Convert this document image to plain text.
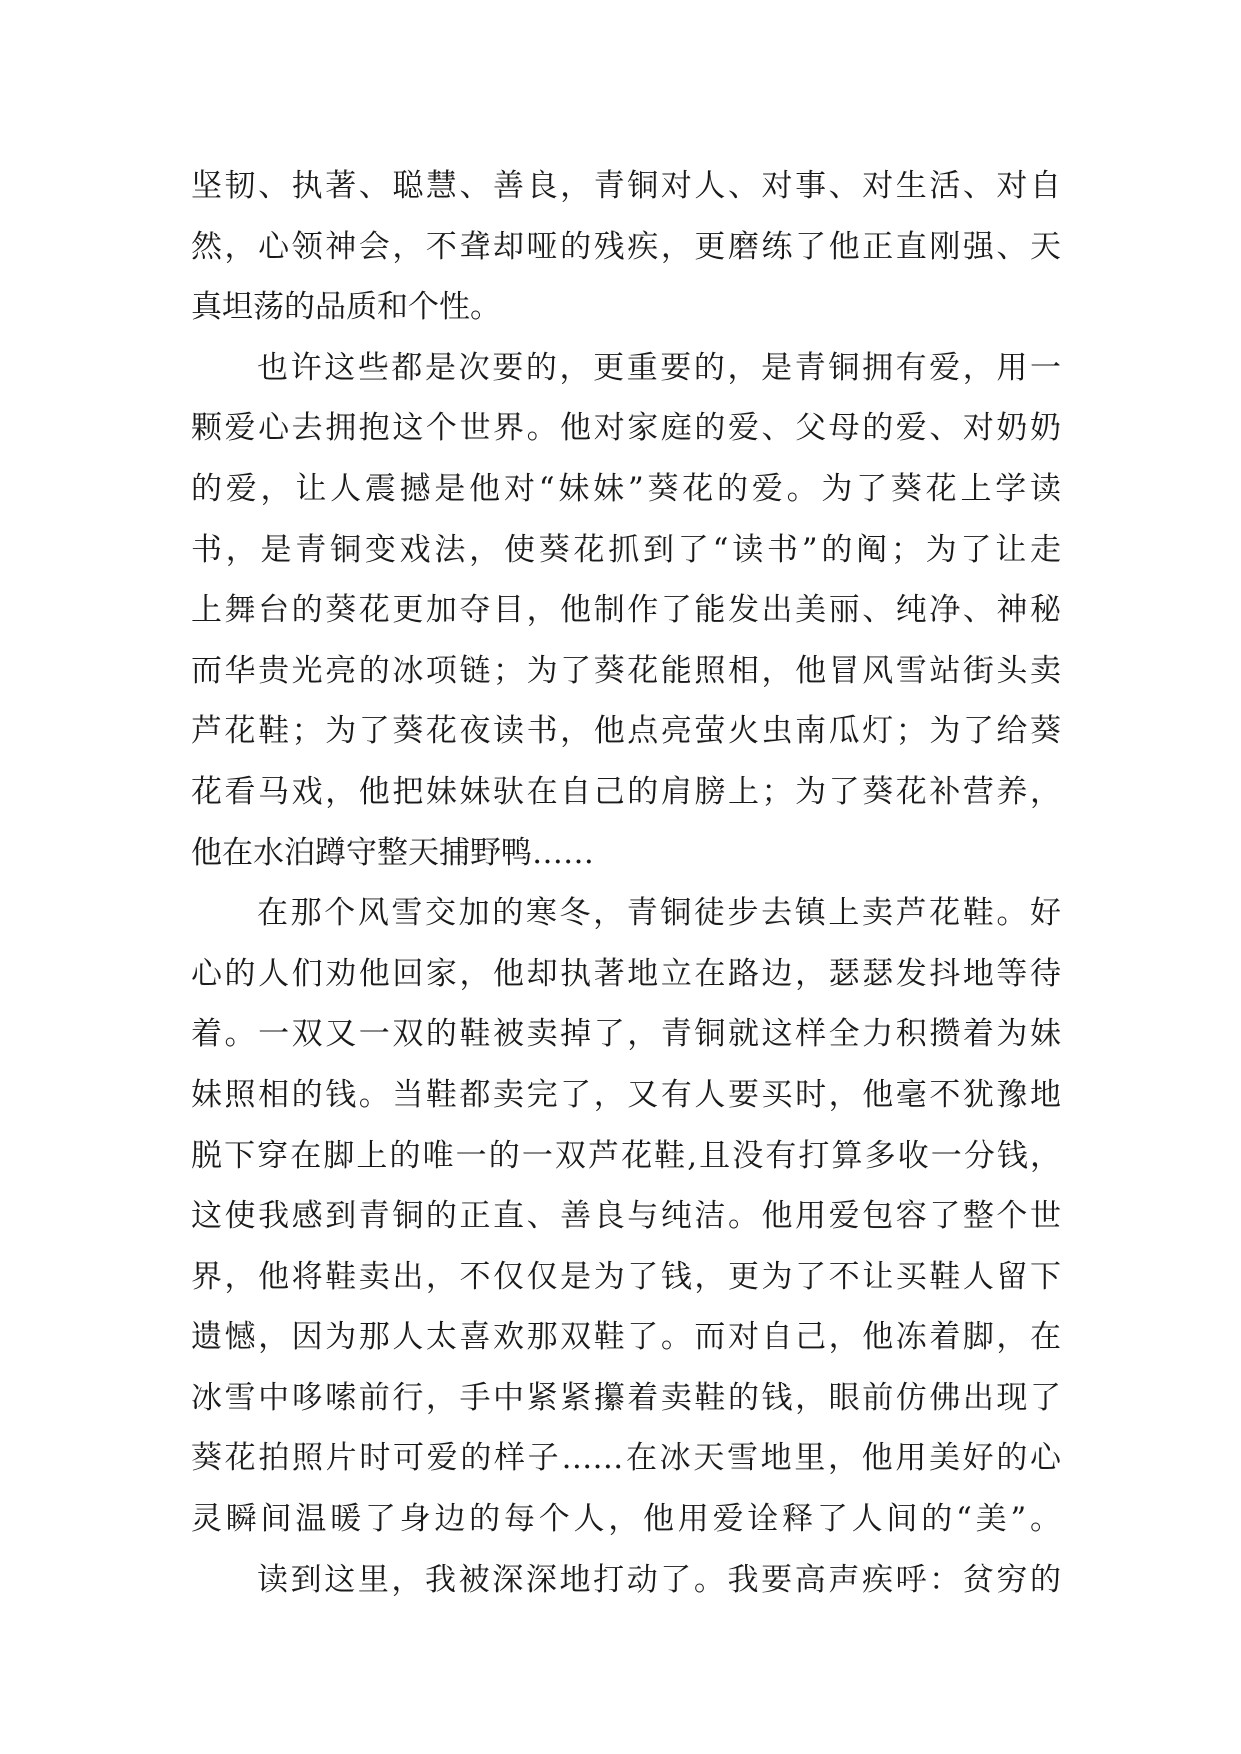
坚韧、执著、聪慧、善良，青铜对人、对事、对生活、对自
然，心领神会，不聋却哑的残疾，更磨练了他正直刚强、天
真坦荡的品质和个性。
也许这些都是次要的，更重要的，是青铜拥有爱，用一
颗爱心去拥抱这个世界。他对家庭的爱、父母的爱、对奶奶
的爱，让人震撼是他对“妹妹”葵花的爱。为了葵花上学读
书，是青铜变戏法，使葵花抓到了“读书”的阄；为了让走
上舞台的葵花更加夺目，他制作了能发出美丽、纯净、神秘
而华贵光亮的冰项链；为了葵花能照相，他冒风雪站街头卖
芦花鞋；为了葵花夜读书，他点亮萤火虫南瓜灯；为了给葵
花看马戏，他把妹妹驮在自己的肩膀上；为了葵花补营养，
他在水泊蹲守整天捕野鸭……
在那个风雪交加的寒冬，青铜徒步去镇上卖芦花鞋。好
心的人们劝他回家，他却执著地立在路边，瑟瑟发抖地等待
着。一双又一双的鞋被卖掉了，青铜就这样全力积攒着为妹
妹照相的钱。当鞋都卖完了，又有人要买时，他毫不犹豫地
脱下穿在脚上的唯一的一双芦花鞋,且没有打算多收一分钱，
这使我感到青铜的正直、善良与纯洁。他用爱包容了整个世
界，他将鞋卖出，不仅仅是为了钱，更为了不让买鞋人留下
遗憾，因为那人太喜欢那双鞋了。而对自己，他冻着脚，在
冰雪中哆嗦前行，手中紧紧攥着卖鞋的钱，眼前仿佛出现了
葵花拍照片时可爱的样子……在冰天雪地里，他用美好的心
灵瞬间温暖了身边的每个人，他用爱诠释了人间的“美”。
读到这里，我被深深地打动了。我要高声疾呼：贫穷的
